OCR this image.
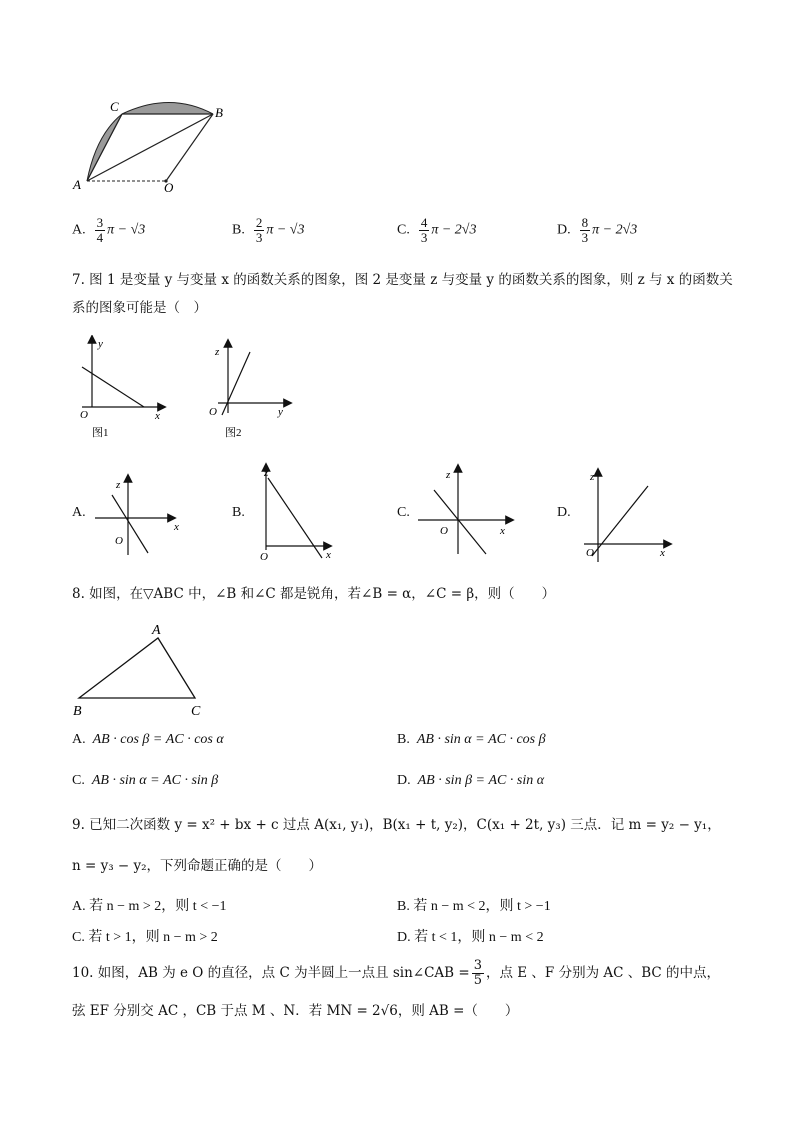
C	B
A	O
A. $\frac{3}{4}$ π − √3	B. $\frac{2}{3}$ π − √3	C. $\frac{4}{3}$ π − 2√3	D. $\frac{8}{3}$ π − 2√3
7. 图 1 是变量 y 与变量 x 的函数关系的图象，图 2 是变量 z 与变量 y 的函数关系的图象，则 z 与 x 的函数关
系的图象可能是（　）
y
x
O
图1
z
y
O
图2
A.
z
x
O
B.
z
x
O
C.
z
x
O
D.
z
x
O
8. 如图，在▽ABC 中，∠B 和∠C 都是锐角，若∠B = α，∠C = β，则（　　）
A
B	C
A. AB · cos β = AC · cos α	B. AB · sin α = AC · cos β
C. AB · sin α = AC · sin β	D. AB · sin β = AC · sin α
9. 已知二次函数 y = x² + bx + c 过点 A(x₁, y₁)，B(x₁ + t, y₂)，C(x₁ + 2t, y₃) 三点．记 m = y₂ − y₁，
n = y₃ − y₂，下列命题正确的是（　　）
A. 若 n − m > 2，则 t < −1	B. 若 n − m < 2，则 t > −1
C. 若 t > 1，则 n − m > 2	D. 若 t < 1，则 n − m < 2
10. 如图，AB 为 e O 的直径，点 C 为半圆上一点且 sin∠CAB = $\frac{3}{5}$ ，点 E 、F 分别为 AC 、BC 的中点，
弦 EF 分别交 AC ，CB 于点 M 、N．若 MN = 2√6，则 AB =（　　）
